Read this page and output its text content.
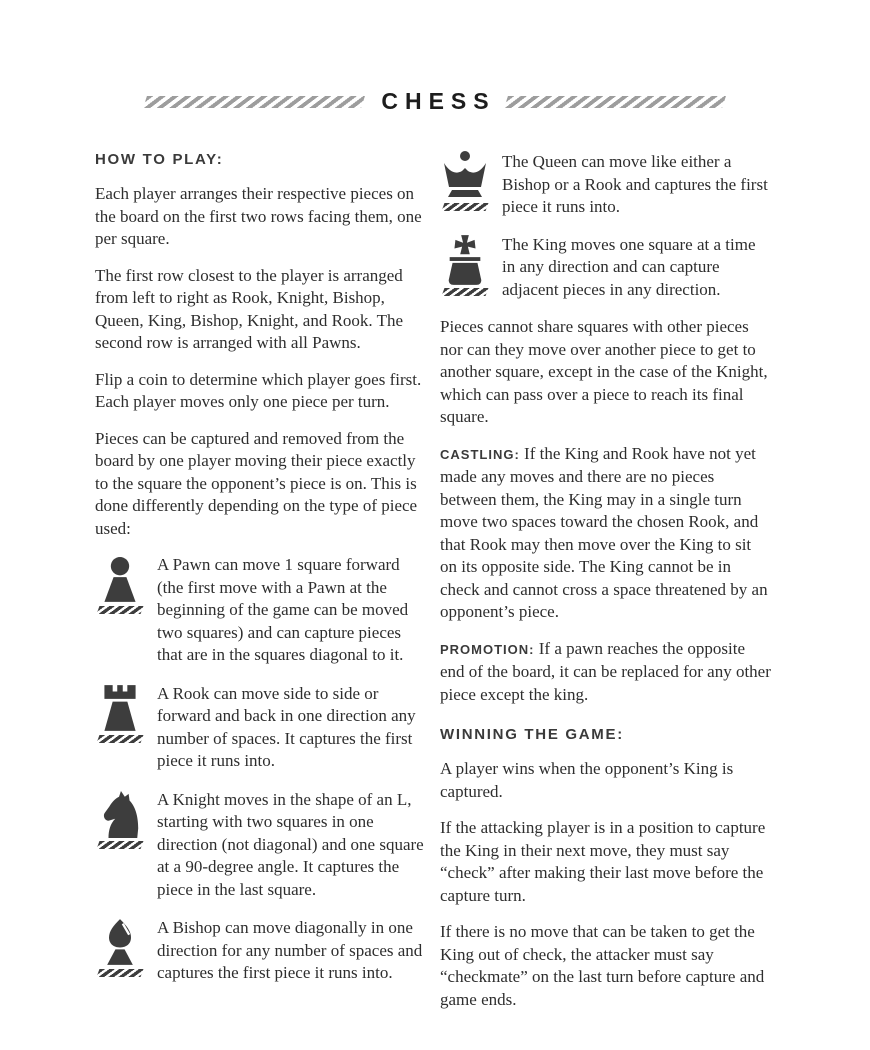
CHESS
HOW TO PLAY:

Each player arranges their respective pieces on the board on the first two rows facing them, one per square.

The first row closest to the player is arranged from left to right as Rook, Knight, Bishop, Queen, King, Bishop, Knight, and Rook. The second row is arranged with all Pawns.

Flip a coin to determine which player goes first. Each player moves only one piece per turn.

Pieces can be captured and removed from the board by one player moving their piece exactly to the square the opponent’s piece is on. This is done differently depending on the type of piece used:

A Pawn can move 1 square forward (the first move with a Pawn at the beginning of the game can be moved two squares) and can capture pieces that are in the squares diagonal to it.
A Rook can move side to side or forward and back in one direction any number of spaces. It captures the first piece it runs into.
A Knight moves in the shape of an L, starting with two squares in one direction (not diagonal) and one square at a 90-degree angle. It captures the piece in the last square.
A Bishop can move diagonally in one direction for any number of spaces and captures the first piece it runs into.
The Queen can move like either a Bishop or a Rook and captures the first piece it runs into.
The King moves one square at a time in any direction and can capture adjacent pieces in any direction.

Pieces cannot share squares with other pieces nor can they move over another piece to get to another square, except in the case of the Knight, which can pass over a piece to reach its final square.

CASTLING: If the King and Rook have not yet made any moves and there are no pieces between them, the King may in a single turn move two spaces toward the chosen Rook, and that Rook may then move over the King to sit on its opposite side. The King cannot be in check and cannot cross a space threatened by an opponent’s piece.

PROMOTION: If a pawn reaches the opposite end of the board, it can be replaced for any other piece except the king.

WINNING THE GAME:

A player wins when the opponent’s King is captured.

If the attacking player is in a position to capture the King in their next move, they must say “check” after making their last move before the capture turn.

If there is no move that can be taken to get the King out of check, the attacker must say “checkmate” on the last turn before capture and game ends.
